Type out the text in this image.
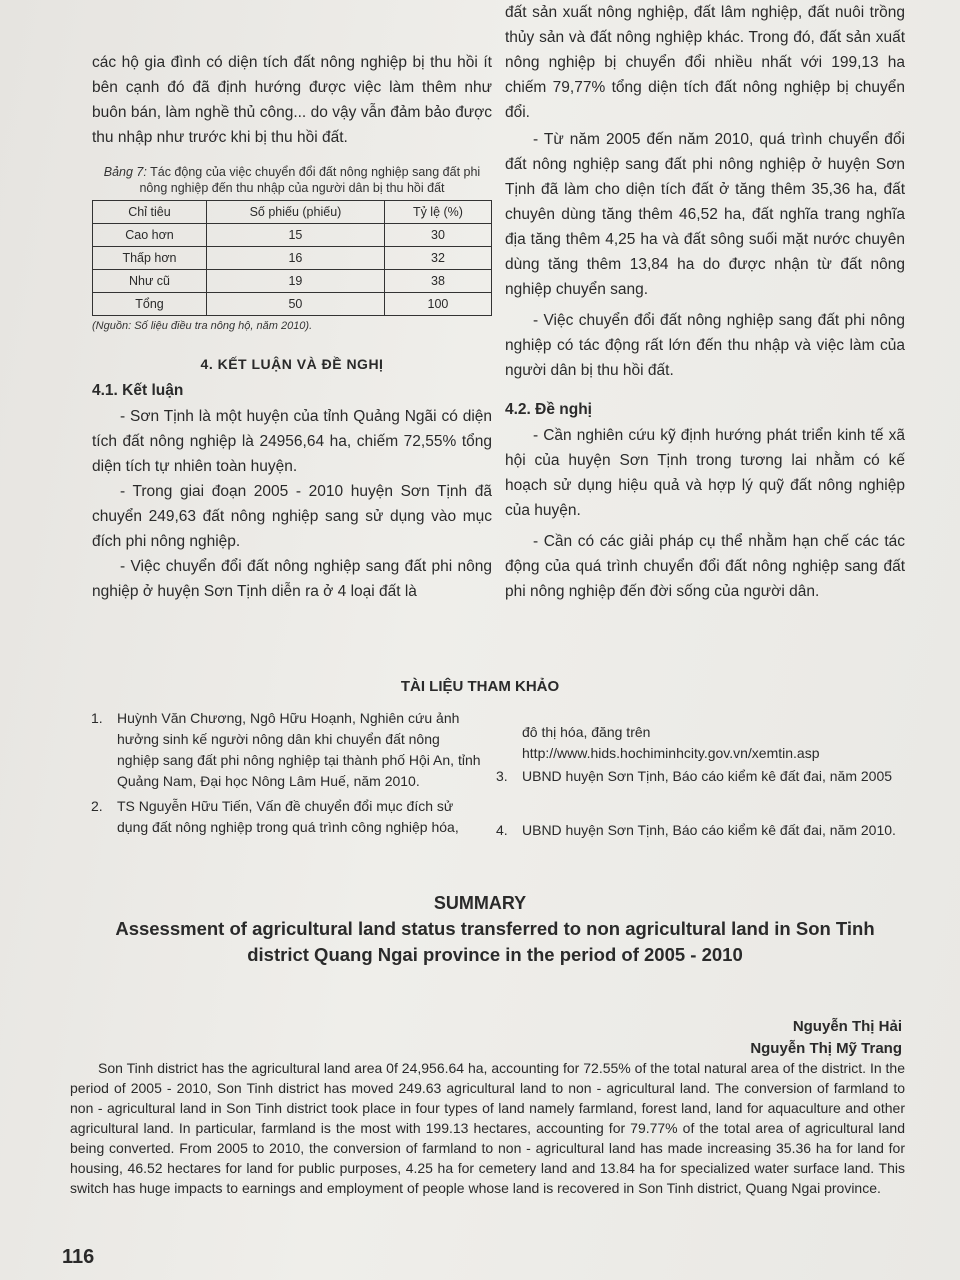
các hộ gia đình có diện tích đất nông nghiệp bị thu hồi ít bên cạnh đó đã định hướng được việc làm thêm như buôn bán, làm nghề thủ công... do vậy vẫn đảm bảo được thu nhập như trước khi bị thu hồi đất.

Bảng 7: Tác động của việc chuyển đổi đất nông nghiệp sang đất phi nông nghiệp đến thu nhập của người dân bị thu hồi đất
Chỉ tiêu	Số phiếu (phiếu)	Tỷ lệ (%)
Cao hơn	15	30
Thấp hơn	16	32
Như cũ	19	38
Tổng	50	100
(Nguồn: Số liệu điều tra nông hộ, năm 2010).
4. KẾT LUẬN VÀ ĐỀ NGHỊ
4.1. Kết luận

- Sơn Tịnh là một huyện của tỉnh Quảng Ngãi có diện tích đất nông nghiệp là 24956,64 ha, chiếm 72,55% tổng diện tích tự nhiên toàn huyện.

- Trong giai đoạn 2005 - 2010 huyện Sơn Tịnh đã chuyển 249,63 đất nông nghiệp sang sử dụng vào mục đích phi nông nghiệp.

- Việc chuyển đổi đất nông nghiệp sang đất phi nông nghiệp ở huyện Sơn Tịnh diễn ra ở 4 loại đất là

đất sản xuất nông nghiệp, đất lâm nghiệp, đất nuôi trồng thủy sản và đất nông nghiệp khác. Trong đó, đất sản xuất nông nghiệp bị chuyển đổi nhiều nhất với 199,13 ha chiếm 79,77% tổng diện tích đất nông nghiệp bị chuyển đổi.

- Từ năm 2005 đến năm 2010, quá trình chuyển đổi đất nông nghiệp sang đất phi nông nghiệp ở huyện Sơn Tịnh đã làm cho diện tích đất ở tăng thêm 35,36 ha, đất chuyên dùng tăng thêm 46,52 ha, đất nghĩa trang nghĩa địa tăng thêm 4,25 ha và đất sông suối mặt nước chuyên dùng tăng thêm 13,84 ha do được nhận từ đất nông nghiệp chuyển sang.

- Việc chuyển đổi đất nông nghiệp sang đất phi nông nghiệp có tác động rất lớn đến thu nhập và việc làm của người dân bị thu hồi đất.

4.2. Đề nghị

- Cần nghiên cứu kỹ định hướng phát triển kinh tế xã hội của huyện Sơn Tịnh trong tương lai nhằm có kế hoạch sử dụng hiệu quả và hợp lý quỹ đất nông nghiệp của huyện.

- Cần có các giải pháp cụ thể nhằm hạn chế các tác động của quá trình chuyển đổi đất nông nghiệp sang đất phi nông nghiệp đến đời sống của người dân.

TÀI LIỆU THAM KHẢO
1. Huỳnh Văn Chương, Ngô Hữu Hoạnh, Nghiên cứu ảnh hưởng sinh kế người nông dân khi chuyển đất nông nghiệp sang đất phi nông nghiệp tại thành phố Hội An, tỉnh Quảng Nam, Đại học Nông Lâm Huế, năm 2010.
2. TS Nguyễn Hữu Tiến, Vấn đề chuyển đổi mục đích sử dụng đất nông nghiệp trong quá trình công nghiệp hóa,
đô thị hóa, đăng trên http://www.hids.hochiminhcity.gov.vn/xemtin.asp
3. UBND huyện Sơn Tịnh, Báo cáo kiểm kê đất đai, năm 2005
4. UBND huyện Sơn Tịnh, Báo cáo kiểm kê đất đai, năm 2010.
SUMMARY
Assessment of agricultural land status transferred to non agricultural land in Son Tinh district Quang Ngai province in the period of 2005 - 2010
Nguyễn Thị Hải
Nguyễn Thị Mỹ Trang
Son Tinh district has the agricultural land area 0f 24,956.64 ha, accounting for 72.55% of the total natural area of the district. In the period of 2005 - 2010, Son Tinh district has moved 249.63 agricultural land to non - agricultural land. The conversion of farmland to non - agricultural land in Son Tinh district took place in four types of land namely farmland, forest land, land for aquaculture and other agricultural land. In particular, farmland is the most with 199.13 hectares, accounting for 79.77% of the total area of agricultural land being converted. From 2005 to 2010, the conversion of farmland to non - agricultural land has made increasing 35.36 ha for land for housing, 46.52 hectares for land for public purposes, 4.25 ha for cemetery land and 13.84 ha for specialized water surface land. This switch has huge impacts to earnings and employment of people whose land is recovered in Son Tinh district, Quang Ngai province.
116
